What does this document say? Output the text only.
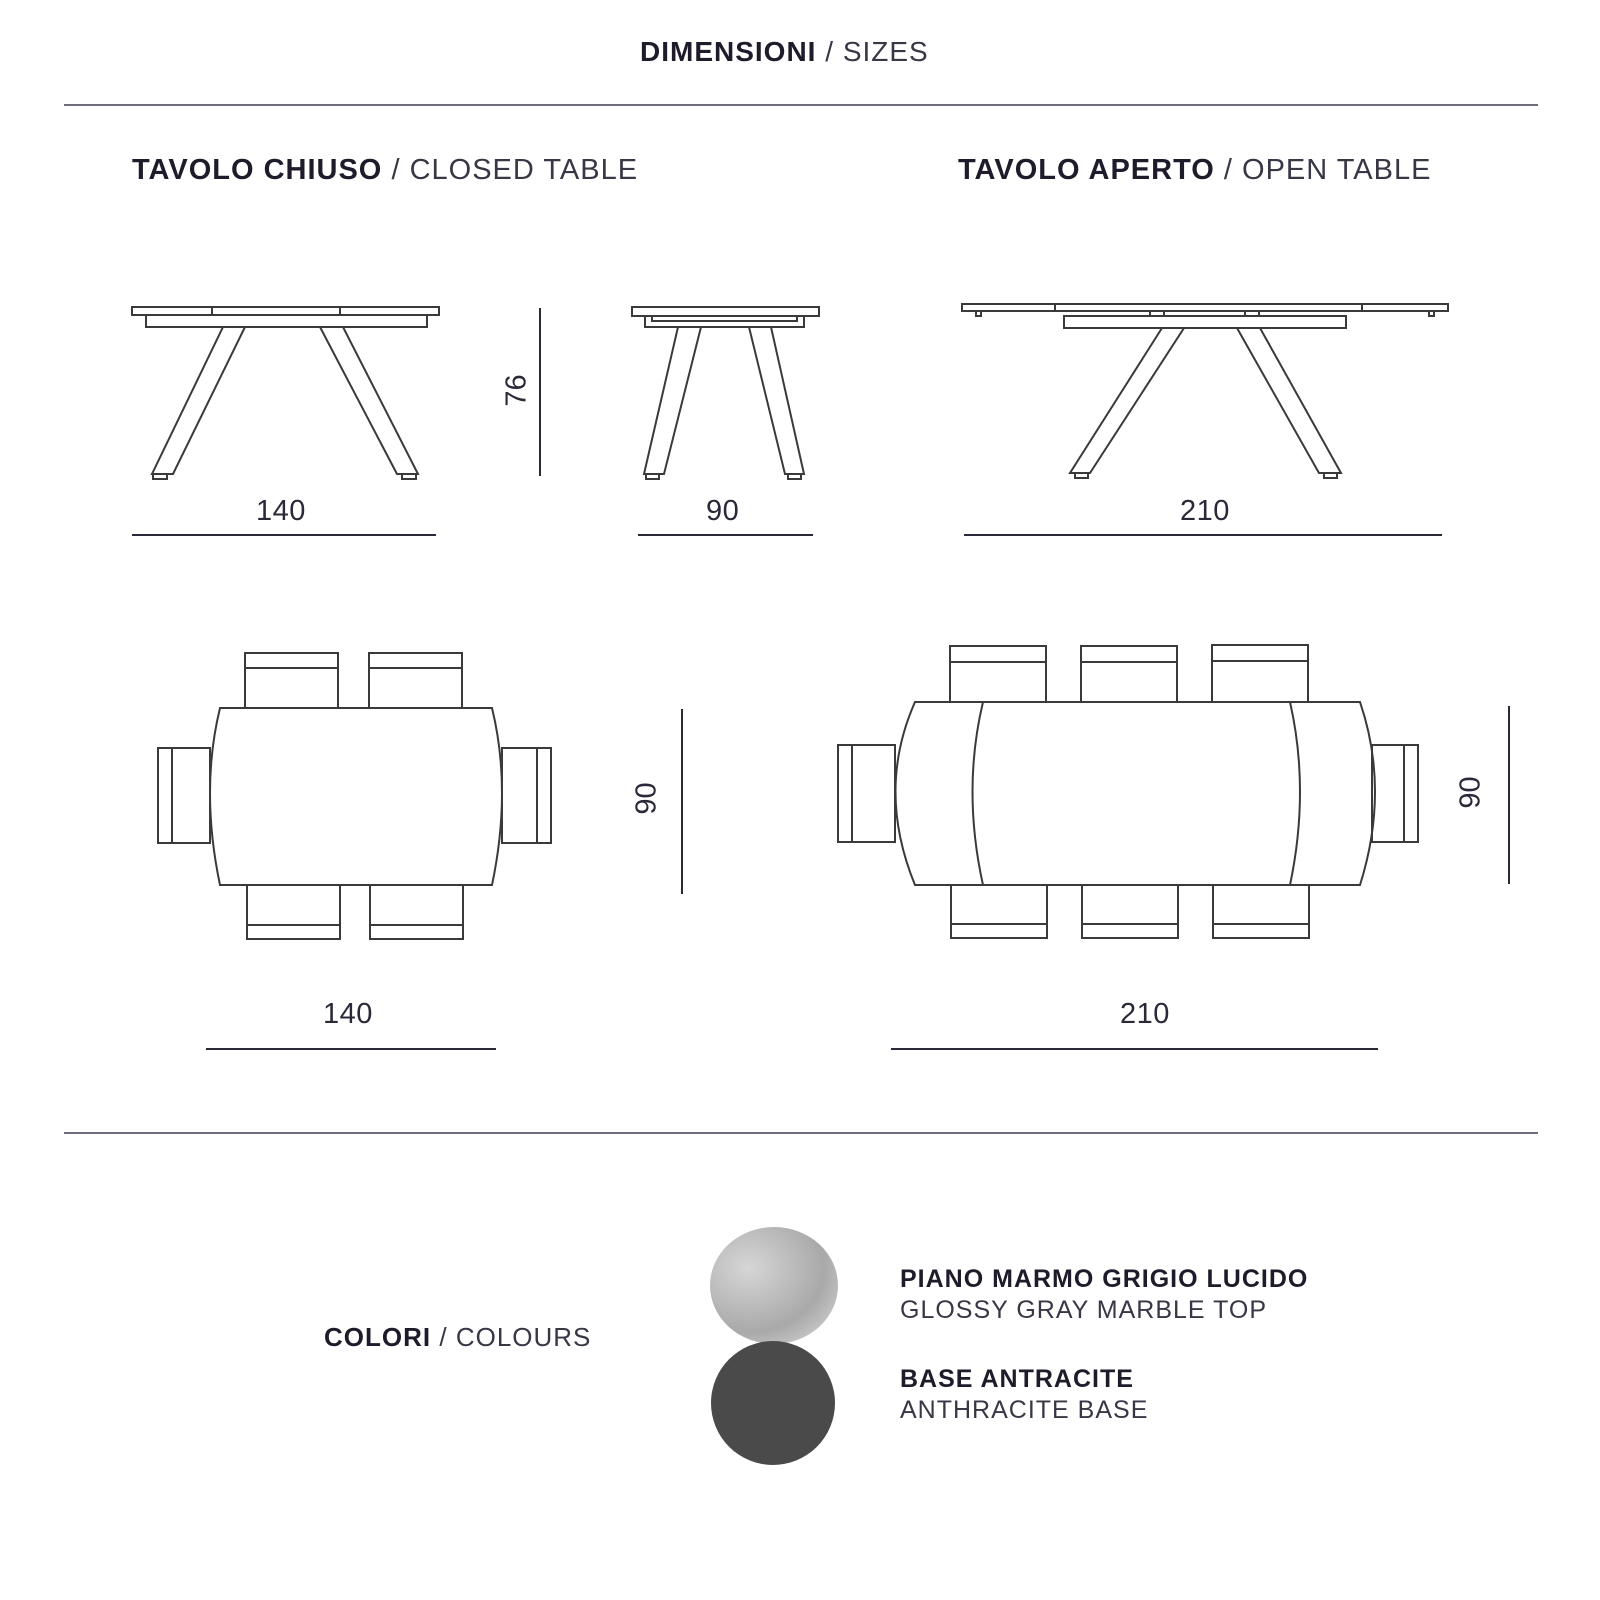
DIMENSIONI / SIZES
TAVOLO CHIUSO / CLOSED TABLE	TAVOLO APERTO / OPEN TABLE
140	90
76
210
90	90
140	210
COLORI / COLOURS
PIANO MARMO GRIGIO LUCIDO
GLOSSY GRAY MARBLE TOP
BASE ANTRACITE
ANTHRACITE BASE
